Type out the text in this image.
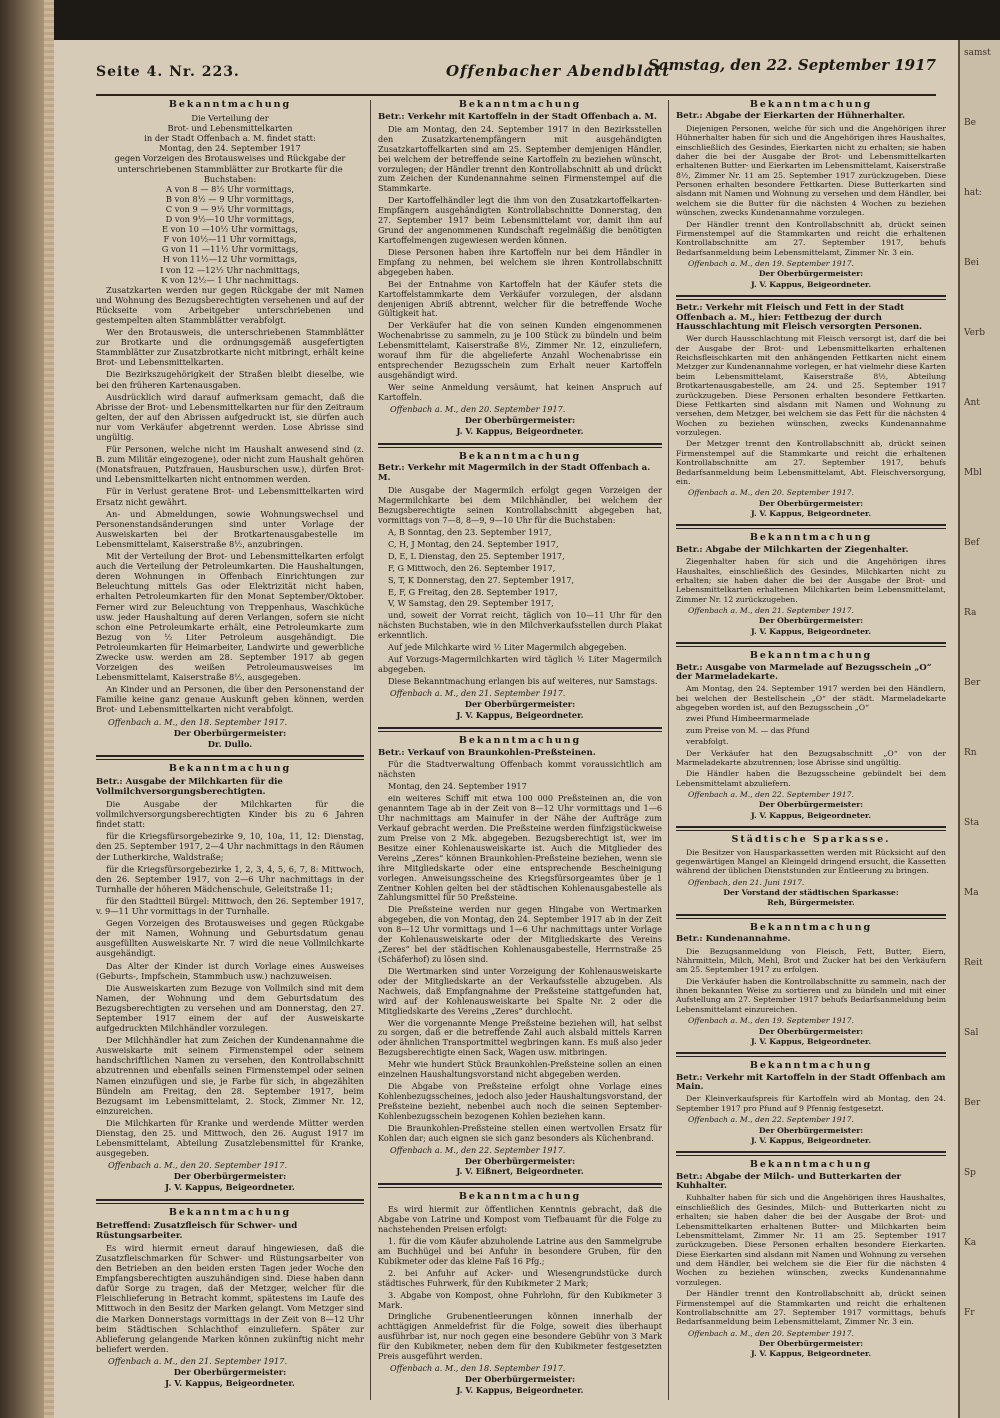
samst
Be
hat:
Bei
Verb
Ant
Mbl
Bef
Ra
Ber
Rn
Sta
Ma
Reit
Sal
Ber
Sp
Ka
Fr
Seite 4. Nr. 223.	Offenbacher Abendblatt
Samstag, den 22. September 1917
Bekanntmachung
Die Verteilung der
Brot- und Lebensmittelkarten
in der Stadt Offenbach a. M. findet statt:
Montag, den 24. September 1917
gegen Vorzeigen des Brotausweises und Rückgabe der unterschriebenen Stammblätter zur Brotkarte für die Buchstaben:
A von 8 — 8½ Uhr vormittags,
B von 8½ — 9 Uhr vormittags,
C von 9 — 9½ Uhr vormittags,
D von 9½—10 Uhr vormittags,
E von 10 —10½ Uhr vormittags,
F von 10½—11 Uhr vormittags,
G von 11 —11½ Uhr vormittags,
H von 11½—12 Uhr vormittags,
I von 12 —12½ Uhr nachmittags,
K von 12½— 1 Uhr nachmittags.

Zusatzkarten werden nur gegen Rückgabe der mit Namen und Wohnung des Bezugsberechtigten versehenen und auf der Rückseite vom Arbeitgeber unterschriebenen und gestempelten alten Stammblätter verabfolgt.

Wer den Brotausweis, die unterschriebenen Stammblätter zur Brotkarte und die ordnungsgemäß ausgefertigten Stammblätter zur Zusatzbrotkarte nicht mitbringt, erhält keine Brot- und Lebensmittelkarten.

Die Bezirkszugehörigkeit der Straßen bleibt dieselbe, wie bei den früheren Kartenausgaben.

Ausdrücklich wird darauf aufmerksam gemacht, daß die Abrisse der Brot- und Lebensmittelkarten nur für den Zeitraum gelten, der auf den Abrissen aufgedruckt ist, sie dürfen auch nur vom Verkäufer abgetrennt werden. Lose Abrisse sind ungültig.

Für Personen, welche nicht im Haushalt anwesend sind (z. B. zum Militär eingezogene), oder nicht zum Haushalt gehören (Monatsfrauen, Putzfrauen, Hausburschen usw.), dürfen Brot- und Lebensmittelkarten nicht entnommen werden.

Für in Verlust geratene Brot- und Lebensmittelkarten wird Ersatz nicht gewährt.

An- und Abmeldungen, sowie Wohnungswechsel und Personenstandsänderungen sind unter Vorlage der Ausweiskarten bei der Brotkartenausgabestelle im Lebensmittelamt, Kaiserstraße 8½, anzubringen.

Mit der Verteilung der Brot- und Lebensmittelkarten erfolgt auch die Verteilung der Petroleumkarten. Die Haushaltungen, deren Wohnungen in Offenbach Einrichtungen zur Beleuchtung mittels Gas oder Elektrizität nicht haben, erhalten Petroleumkarten für den Monat September/Oktober. Ferner wird zur Beleuchtung von Treppenhaus, Waschküche usw. jeder Haushaltung auf deren Verlangen, sofern sie nicht schon eine Petroleumkarte erhält, eine Petroleumkarte zum Bezug von ½ Liter Petroleum ausgehändigt. Die Petroleumkarten für Heimarbeiter, Landwirte und gewerbliche Zwecke usw. werden am 28. September 1917 ab gegen Vorzeigen des weißen Petroleumausweises im Lebensmittelamt, Kaiserstraße 8½, ausgegeben.

An Kinder und an Personen, die über den Personenstand der Familie keine ganz genaue Auskunft geben können, werden Brot- und Lebensmittelkarten nicht verabfolgt.

Offenbach a. M., den 18. September 1917.
Der Oberbürgermeister:
Dr. Dullo.
Bekanntmachung
Betr.: Ausgabe der Milchkarten für die Vollmilchversorgungsberechtigten.

Die Ausgabe der Milchkarten für die vollmilchversorgungsberechtigten Kinder bis zu 6 Jahren findet statt:

für die Kriegsfürsorgebezirke 9, 10, 10a, 11, 12: Dienstag, den 25. September 1917, 2—4 Uhr nachmittags in den Räumen der Lutherkirche, Waldstraße;

für die Kriegsfürsorgebezirke 1, 2, 3, 4, 5, 6, 7, 8: Mittwoch, den 26. September 1917, von 2—6 Uhr nachmittags in der Turnhalle der höheren Mädchenschule, Geleitstraße 11;

für den Stadtteil Bürgel: Mittwoch, den 26. September 1917, v. 9—11 Uhr vormittags in der Turnhalle.

Gegen Vorzeigen des Brotausweises und gegen Rückgabe der mit Namen, Wohnung und Geburtsdatum genau ausgefüllten Ausweiskarte Nr. 7 wird die neue Vollmilchkarte ausgehändigt.

Das Alter der Kinder ist durch Vorlage eines Ausweises (Geburts-, Impfschein, Stammbuch usw.) nachzuweisen.

Die Ausweiskarten zum Bezuge von Vollmilch sind mit dem Namen, der Wohnung und dem Geburtsdatum des Bezugsberechtigten zu versehen und am Donnerstag, den 27. September 1917 einem der auf der Ausweiskarte aufgedruckten Milchhändler vorzulegen.

Der Milchhändler hat zum Zeichen der Kundenannahme die Ausweiskarte mit seinem Firmenstempel oder seinem handschriftlichen Namen zu versehen, den Kontrollabschnitt abzutrennen und ebenfalls seinen Firmenstempel oder seinen Namen einzufügen und sie, je Farbe für sich, in abgezählten Bündeln am Freitag, den 28. September 1917, beim Bezugsamt im Lebensmittelamt, 2. Stock, Zimmer Nr. 12, einzureichen.

Die Milchkarten für Kranke und werdende Mütter werden Dienstag, den 25. und Mittwoch, den 26. August 1917 im Lebensmittelamt, Abteilung Zusatzlebensmittel für Kranke, ausgegeben.

Offenbach a. M., den 20. September 1917.
Der Oberbürgermeister:
J. V. Kappus, Beigeordneter.
Bekanntmachung
Betreffend: Zusatzfleisch für Schwer- und Rüstungsarbeiter.

Es wird hiermit erneut darauf hingewiesen, daß die Zusatzfleischmarken für Schwer- und Rüstungsarbeiter von den Betrieben an den beiden ersten Tagen jeder Woche den Empfangsberechtigten auszuhändigen sind. Diese haben dann dafür Sorge zu tragen, daß der Metzger, welcher für die Fleischlieferung in Betracht kommt, spätestens im Laufe des Mittwoch in den Besitz der Marken gelangt. Vom Metzger sind die Marken Donnerstags vormittags in der Zeit von 8—12 Uhr beim Städtischen Schlachthof einzuliefern. Später zur Ablieferung gelangende Marken können zukünftig nicht mehr beliefert werden.

Offenbach a. M., den 21. September 1917.
Der Oberbürgermeister:
J. V. Kappus, Beigeordneter.
Bekanntmachung
Betr.: Verkehr mit Kartoffeln in der Stadt Offenbach a. M.

Die am Montag, den 24. September 1917 in den Bezirksstellen den Zusatzkartenempfängern mit ausgehändigten Zusatzkartoffelkarten sind am 25. September demjenigen Händler, bei welchem der betreffende seine Kartoffeln zu beziehen wünscht, vorzulegen; der Händler trennt den Kontrollabschnitt ab und drückt zum Zeichen der Kundenannahme seinen Firmenstempel auf die Stammkarte.

Der Kartoffelhändler legt die ihm von den Zusatzkartoffelkarten-Empfängern ausgehändigten Kontrollabschnitte Donnerstag, den 27. September 1917 beim Lebensmittelamt vor, damit ihm auf Grund der angenommenen Kundschaft regelmäßig die benötigten Kartoffelmengen zugewiesen werden können.

Diese Personen haben ihre Kartoffeln nur bei dem Händler in Empfang zu nehmen, bei welchem sie ihren Kontrollabschnitt abgegeben haben.

Bei der Entnahme von Kartoffeln hat der Käufer stets die Kartoffelstammkarte dem Verkäufer vorzulegen, der alsdann denjenigen Abriß abtrennt, welcher für die betreffende Woche Gültigkeit hat.

Der Verkäufer hat die von seinen Kunden eingenommenen Wochenabrisse zu sammeln, zu je 100 Stück zu bündeln und beim Lebensmittelamt, Kaiserstraße 8½, Zimmer Nr. 12, einzuliefern, worauf ihm für die abgelieferte Anzahl Wochenabrisse ein entsprechender Bezugsschein zum Erhalt neuer Kartoffeln ausgehändigt wird.

Wer seine Anmeldung versäumt, hat keinen Anspruch auf Kartoffeln.

Offenbach a. M., den 20. September 1917.
Der Oberbürgermeister:
J. V. Kappus, Beigeordneter.
Bekanntmachung
Betr.: Verkehr mit Magermilch in der Stadt Offenbach a. M.

Die Ausgabe der Magermilch erfolgt gegen Vorzeigen der Magermilchkarte bei dem Milchhändler, bei welchem der Bezugsberechtigte seinen Kontrollabschnitt abgegeben hat, vormittags von 7—8, 8—9, 9—10 Uhr für die Buchstaben:

A, B Sonntag, den 23. September 1917,

C, H, J Montag, den 24. September 1917,

D, E, L Dienstag, den 25. September 1917,

F, G Mittwoch, den 26. September 1917,

S, T, K Donnerstag, den 27. September 1917,

E, F, G Freitag, den 28. September 1917,

V, W Samstag, den 29. September 1917,

und, soweit der Vorrat reicht, täglich von 10—11 Uhr für den nächsten Buchstaben, wie in den Milchverkaufsstellen durch Plakat erkenntlich.

Auf jede Milchkarte wird ½ Liter Magermilch abgegeben.

Auf Vorzugs-Magermilchkarten wird täglich ½ Liter Magermilch abgegeben.

Diese Bekanntmachung erlangen bis auf weiteres, nur Samstags.

Offenbach a. M., den 21. September 1917.
Der Oberbürgermeister:
J. V. Kappus, Beigeordneter.
Bekanntmachung
Betr.: Verkauf von Braunkohlen-Preßsteinen.

Für die Stadtverwaltung Offenbach kommt voraussichtlich am nächsten

Montag, den 24. September 1917

ein weiteres Schiff mit etwa 100 000 Preßsteinen an, die von genanntem Tage ab in der Zeit von 8—12 Uhr vormittags und 1—6 Uhr nachmittags am Mainufer in der Nähe der Aufträge zum Verkauf gebracht werden. Die Preßsteine werden fünfzigstückweise zum Preise von 2 Mk. abgegeben. Bezugsberechtigt ist, wer im Besitze einer Kohlenausweiskarte ist. Auch die Mitglieder des Vereins „Zeres“ können Braunkohlen-Preßsteine beziehen, wenn sie ihre Mitgliedskarte oder eine entsprechende Bescheinigung vorlegen. Anweisungsscheine des Kriegsfürsorgeamtes über je 1 Zentner Kohlen gelten bei der städtischen Kohlenausgabestelle als Zahlungsmittel für 50 Preßsteine.

Die Preßsteine werden nur gegen Hingabe von Wertmarken abgegeben, die von Montag, den 24. September 1917 ab in der Zeit von 8—12 Uhr vormittags und 1—6 Uhr nachmittags unter Vorlage der Kohlenausweiskarte oder der Mitgliedskarte des Vereins „Zeres“ bei der städtischen Kohlenausgabestelle, Herrnstraße 25 (Schäferhof) zu lösen sind.

Die Wertmarken sind unter Vorzeigung der Kohlenausweiskarte oder der Mitgliedskarte an der Verkaufsstelle abzugeben. Als Nachweis, daß Empfangnahme der Preßsteine stattgefunden hat, wird auf der Kohlenausweiskarte bei Spalte Nr. 2 oder die Mitgliedskarte des Vereins „Zeres“ durchlocht.

Wer die vorgenannte Menge Preßsteine beziehen will, hat selbst zu sorgen, daß er die betreffende Zahl auch alsbald mittels Karren oder ähnlichen Transportmittel wegbringen kann. Es muß also jeder Bezugsberechtigte einen Sack, Wagen usw. mitbringen.

Mehr wie hundert Stück Braunkohlen-Preßsteine sollen an einen einzelnen Haushaltungsvorstand nicht abgegeben werden.

Die Abgabe von Preßsteine erfolgt ohne Vorlage eines Kohlenbezugsscheines, jedoch also jeder Haushaltungsvorstand, der Preßsteine bezieht, nebenbei auch noch die seinen September-Kohlenbezugsschein bezogenen Kohlen beziehen kann.

Die Braunkohlen-Preßsteine stellen einen wertvollen Ersatz für Kohlen dar; auch eignen sie sich ganz besonders als Küchenbrand.

Offenbach a. M., den 22. September 1917.
Der Oberbürgermeister:
J. V. Eißnert, Beigeordneter.
Bekanntmachung

Es wird hiermit zur öffentlichen Kenntnis gebracht, daß die Abgabe von Latrine und Kompost vom Tiefbauamt für die Folge zu nachstehenden Preisen erfolgt:

1. für die vom Käufer abzuholende Latrine aus den Sammelgrube am Buchhügel und bei Anfuhr in besondere Gruben, für den Kubikmeter oder das kleine Faß 16 Pfg.;

2. bei Anfuhr auf Acker- und Wiesengrundstücke durch städtisches Fuhrwerk, für den Kubikmeter 2 Mark;

3. Abgabe von Kompost, ohne Fuhrlohn, für den Kubikmeter 3 Mark.

Dringliche Grubenentleerungen können innerhalb der achttägigen Anmeldefrist für die Folge, soweit dies überhaupt ausführbar ist, nur noch gegen eine besondere Gebühr von 3 Mark für den Kubikmeter, neben dem für den Kubikmeter festgesetzten Preis ausgeführt werden.

Offenbach a. M., den 18. September 1917.
Der Oberbürgermeister:
J. V. Kappus, Beigeordneter.
Bekanntmachung
Betr.: Abgabe der Eierkarten der Hühnerhalter.

Diejenigen Personen, welche für sich und die Angehörigen ihrer Hühnerhalter haben für sich und die Angehörigen ihres Haushaltes, einschließlich des Gesindes, Eierkarten nicht zu erhalten; sie haben daher die bei der Ausgabe der Brot- und Lebensmittelkarten erhaltenen Butter- und Eierkarten im Lebensmittelamt, Kaiserstraße 8½, Zimmer Nr. 11 am 25. September 1917 zurückzugeben. Diese Personen erhalten besondere Fettkarten. Diese Butterkarten sind alsdann mit Namen und Wohnung zu versehen und dem Händler, bei welchem sie die Butter für die nächsten 4 Wochen zu beziehen wünschen, zwecks Kundenannahme vorzulegen.

Der Händler trennt den Kontrollabschnitt ab, drückt seinen Firmenstempel auf die Stammkarten und reicht die erhaltenen Kontrollabschnitte am 27. September 1917, behufs Bedarfsanmeldung beim Lebensmittelamt, Zimmer Nr. 3 ein.

Offenbach a. M., den 19. September 1917.
Der Oberbürgermeister:
J. V. Kappus, Beigeordneter.
Betr.: Verkehr mit Fleisch und Fett in der Stadt Offenbach a. M., hier: Fettbezug der durch Hausschlachtung mit Fleisch versorgten Personen.

Wer durch Hausschlachtung mit Fleisch versorgt ist, darf die bei der Ausgabe der Brot- und Lebensmittelkarten erhaltenen Reichsfleischkarten mit den anhängenden Fettkarten nicht einem Metzger zur Kundenannahme vorlegen, er hat vielmehr diese Karten beim Lebensmittelamt, Kaiserstraße 8½, Abteilung Brotkartenausgabestelle, am 24. und 25. September 1917 zurückzugeben. Diese Personen erhalten besondere Fettkarten. Diese Fettkarten sind alsdann mit Namen und Wohnung zu versehen, dem Metzger, bei welchem sie das Fett für die nächsten 4 Wochen zu beziehen wünschen, zwecks Kundenannahme vorzulegen.

Der Metzger trennt den Kontrollabschnitt ab, drückt seinen Firmenstempel auf die Stammkarte und reicht die erhaltenen Kontrollabschnitte am 27. September 1917, behufs Bedarfsanmeldung beim Lebensmittelamt, Abt. Fleischversorgung, ein.

Offenbach a. M., den 20. September 1917.
Der Oberbürgermeister:
J. V. Kappus, Beigeordneter.
Bekanntmachung
Betr.: Abgabe der Milchkarten der Ziegenhalter.

Ziegenhalter haben für sich und die Angehörigen ihres Haushaltes, einschließlich des Gesindes, Milchkarten nicht zu erhalten; sie haben daher die bei der Ausgabe der Brot- und Lebensmittelkarten erhaltenen Milchkarten beim Lebensmittelamt, Zimmer Nr. 12 zurückzugeben.

Offenbach a. M., den 21. September 1917.
Der Oberbürgermeister:
J. V. Kappus, Beigeordneter.
Bekanntmachung
Betr.: Ausgabe von Marmelade auf Bezugsschein „O“ der Marmeladekarte.

Am Montag, den 24. September 1917 werden bei den Händlern, bei welchen der Bestellschein „O“ der städt. Marmeladekarte abgegeben worden ist, auf den Bezugsschein „O“

zwei Pfund Himbeermarmelade

zum Preise von M. — das Pfund

verabfolgt.

Der Verkäufer hat den Bezugsabschnitt „O“ von der Marmeladekarte abzutrennen; lose Abrisse sind ungültig.

Die Händler haben die Bezugsscheine gebündelt bei dem Lebensmittelamt abzuliefern.

Offenbach a. M., den 22. September 1917.
Der Oberbürgermeister:
J. V. Kappus, Beigeordneter.
Städtische Sparkasse.

Die Besitzer von Hausparkassetten werden mit Rücksicht auf den gegenwärtigen Mangel an Kleingeld dringend ersucht, die Kassetten während der üblichen Dienststunden zur Entleerung zu bringen.

Offenbach, den 21. Juni 1917.
Der Vorstand der städtischen Sparkasse:
Reh, Bürgermeister.
Bekanntmachung
Betr.: Kundenannahme.

Die Bezugsanmeldung von Fleisch, Fett, Butter, Eiern, Nährmitteln, Milch, Mehl, Brot und Zucker hat bei den Verkäufern am 25. September 1917 zu erfolgen.

Die Verkäufer haben die Kontrollabschnitte zu sammeln, nach der ihnen bekannten Weise zu sortieren und zu bündeln und mit einer Aufstellung am 27. September 1917 behufs Bedarfsanmeldung beim Lebensmittelamt einzureichen.

Offenbach a. M., den 19. September 1917.
Der Oberbürgermeister:
J. V. Kappus, Beigeordneter.
Bekanntmachung
Betr.: Verkehr mit Kartoffeln in der Stadt Offenbach am Main.

Der Kleinverkaufspreis für Kartoffeln wird ab Montag, den 24. September 1917 pro Pfund auf 9 Pfennig festgesetzt.

Offenbach a. M., den 22. September 1917.
Der Oberbürgermeister:
J. V. Kappus, Beigeordneter.
Bekanntmachung
Betr.: Abgabe der Milch- und Butterkarten der Kuhhalter.

Kuhhalter haben für sich und die Angehörigen ihres Haushaltes, einschließlich des Gesindes, Milch- und Butterkarten nicht zu erhalten; sie haben daher die bei der Ausgabe der Brot- und Lebensmittelkarten erhaltenen Butter- und Milchkarten beim Lebensmittelamt, Zimmer Nr. 11 am 25. September 1917 zurückzugeben. Diese Personen erhalten besondere Eierkarten. Diese Eierkarten sind alsdann mit Namen und Wohnung zu versehen und dem Händler, bei welchem sie die Eier für die nächsten 4 Wochen zu beziehen wünschen, zwecks Kundenannahme vorzulegen.

Der Händler trennt den Kontrollabschnitt ab, drückt seinen Firmenstempel auf die Stammkarten und reicht die erhaltenen Kontrollabschnitte am 27. September 1917 vormittags, behufs Bedarfsanmeldung beim Lebensmittelamt, Zimmer Nr. 3 ein.

Offenbach a. M., den 20. September 1917.
Der Oberbürgermeister:
J. V. Kappus, Beigeordneter.
